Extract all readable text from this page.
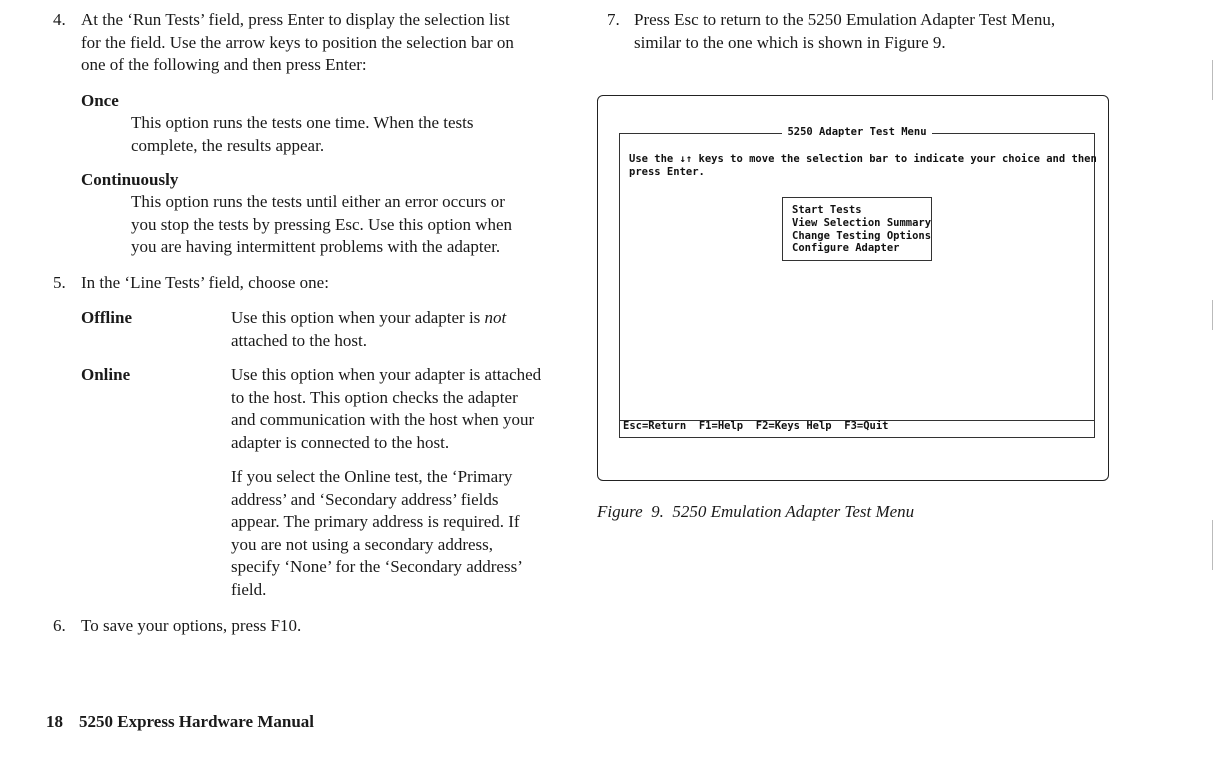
4. At the ‘Run Tests’ field, press Enter to display the selection list
for the field. Use the arrow keys to position the selection bar on
one of the following and then press Enter:
Once
This option runs the tests one time. When the tests
complete, the results appear.
Continuously
This option runs the tests until either an error occurs or
you stop the tests by pressing Esc. Use this option when
you are having intermittent problems with the adapter.
5. In the ‘Line Tests’ field, choose one:
Offline	Use this option when your adapter is not
attached to the host.
Online	Use this option when your adapter is attached
to the host. This option checks the adapter
and communication with the host when your
adapter is connected to the host.
If you select the Online test, the ‘Primary
address’ and ‘Secondary address’ fields
appear. The primary address is required. If
you are not using a secondary address,
specify ‘None’ for the ‘Secondary address’
field.
6. To save your options, press F10.
7. Press Esc to return to the 5250 Emulation Adapter Test Menu,
similar to the one which is shown in Figure 9.
5250 Adapter Test Menu
Use the ↓↑ keys to move the selection bar to indicate your choice and then
press Enter.
Start Tests
View Selection Summary
Change Testing Options
Configure Adapter
Esc=Return  F1=Help  F2=Keys Help  F3=Quit
Figure  9.  5250 Emulation Adapter Test Menu
18 5250 Express Hardware Manual
